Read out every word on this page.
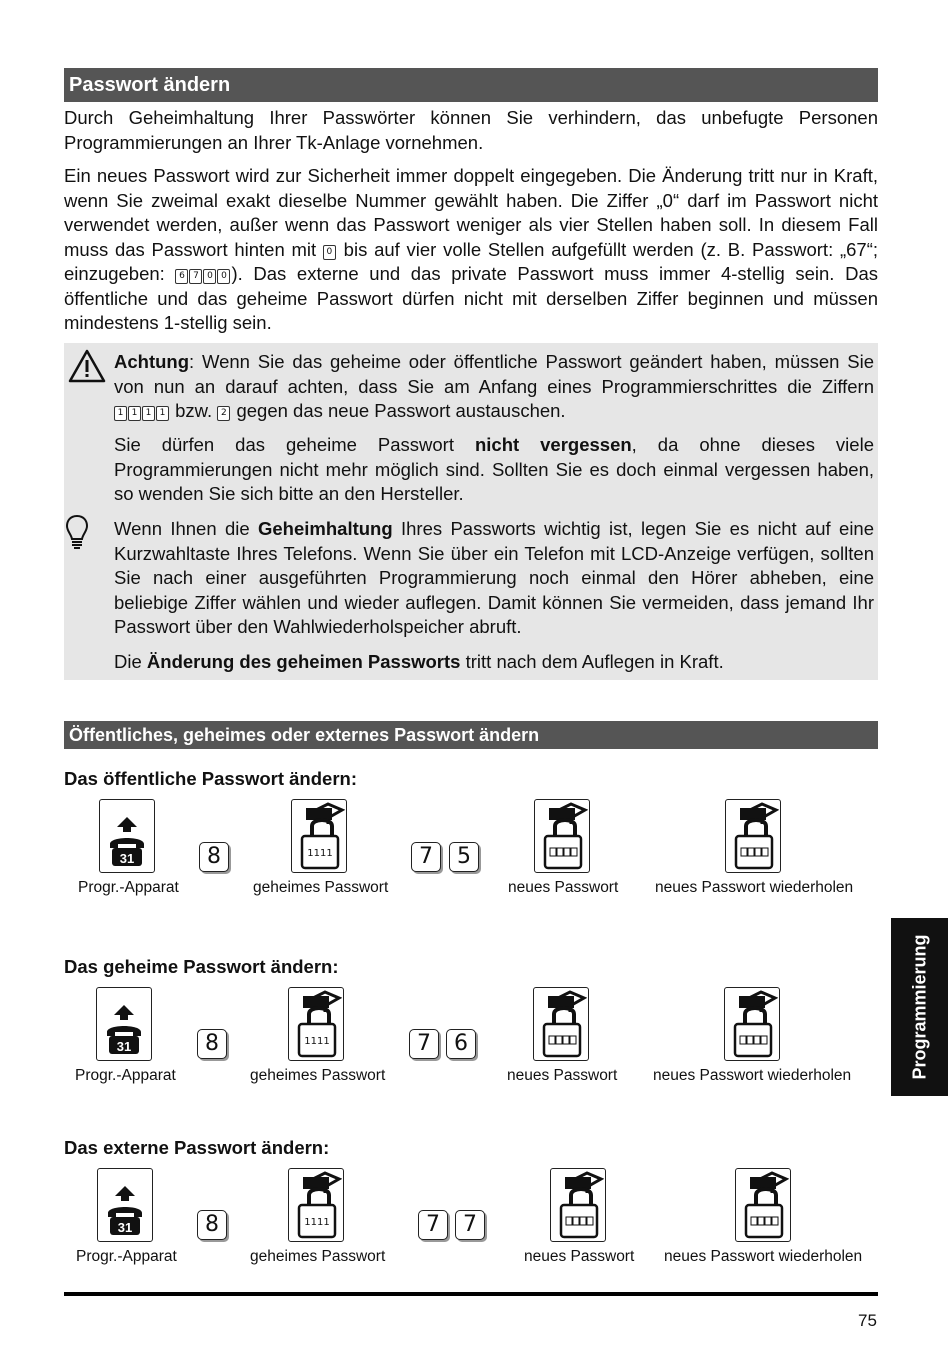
Passwort ändern
Durch Geheimhaltung Ihrer Passwörter können Sie verhindern, das unbefugte Personen Programmierungen an Ihrer Tk-Anlage vornehmen.
Ein neues Passwort wird zur Sicherheit immer doppelt eingegeben. Die Änderung tritt nur in Kraft, wenn Sie zweimal exakt dieselbe Nummer gewählt haben. Die Ziffer „0“ darf im Passwort nicht verwendet werden, außer wenn das Passwort weniger als vier Stellen haben soll. In diesem Fall muss das Passwort hinten mit 0 bis auf vier volle Stellen aufgefüllt werden (z. B. Passwort: „67“; einzugeben: 6 7 0 0 ). Das externe und das private Passwort muss immer 4-stellig sein. Das öffentliche und das geheime Passwort dürfen nicht mit derselben Ziffer beginnen und müssen mindestens 1-stellig sein.
Achtung: Wenn Sie das geheime oder öffentliche Passwort geändert haben, müssen Sie von nun an darauf achten, dass Sie am Anfang eines Programmierschrittes die Ziffern 1 1 1 1 bzw. 2 gegen das neue Passwort austauschen.
Sie dürfen das geheime Passwort nicht vergessen, da ohne dieses viele Programmierungen nicht mehr möglich sind. Sollten Sie es doch einmal vergessen haben, so wenden Sie sich bitte an den Hersteller.
Wenn Ihnen die Geheimhaltung Ihres Passworts wichtig ist, legen Sie es nicht auf eine Kurzwahltaste Ihres Telefons. Wenn Sie über ein Telefon mit LCD-Anzeige verfügen, sollten Sie nach einer ausgeführten Programmierung noch einmal den Hörer abheben, eine beliebige Ziffer wählen und wieder auflegen. Damit können Sie vermeiden, dass jemand Ihr Passwort über den Wahlwiederholspeicher abruft.
Die Änderung des geheimen Passworts tritt nach dem Auflegen in Kraft.
Öffentliches, geheimes oder externes Passwort ändern
Das öffentliche Passwort ändern:
31	8	1111	7	5
Progr.-Apparat	geheimes Passwort	neues Passwort neues Passwort wiederholen
Das geheime Passwort ändern:
31	8	1111	7	6
Progr.-Apparat	geheimes Passwort	neues Passwort neues Passwort wiederholen
Das externe Passwort ändern:
31	8	1111	7	7
Progr.-Apparat	geheimes Passwort	neues Passwort neues Passwort wiederholen
Programmierung
75
